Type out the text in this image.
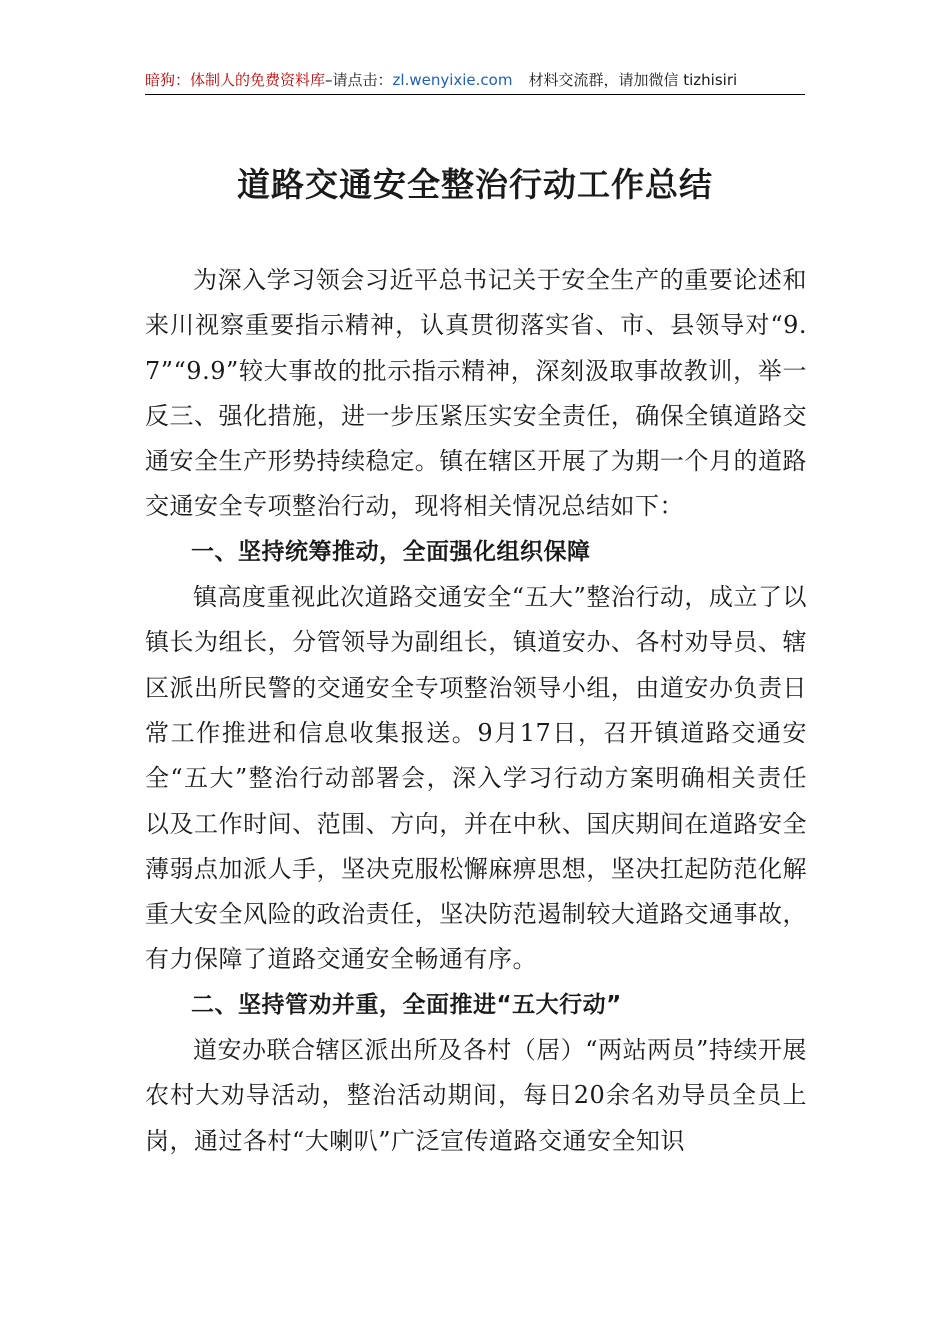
暗狗：体制人的免费资料库–请点击：zl.wenyixie.com 材料交流群，请加微信 tizhisiri
道路交通安全整治行动工作总结

为深入学习领会习近平总书记关于安全生产的重要论述和来川视察重要指示精神，认真贯彻落实省、市、县领导对“9.7”“9.9”较大事故的批示指示精神，深刻汲取事故教训，举一反三、强化措施，进一步压紧压实安全责任，确保全镇道路交通安全生产形势持续稳定。镇在辖区开展了为期一个月的道路交通安全专项整治行动，现将相关情况总结如下：

一、坚持统筹推动，全面强化组织保障

镇高度重视此次道路交通安全“五大”整治行动，成立了以镇长为组长，分管领导为副组长，镇道安办、各村劝导员、辖区派出所民警的交通安全专项整治领导小组，由道安办负责日常工作推进和信息收集报送。9月17日，召开镇道路交通安全“五大”整治行动部署会，深入学习行动方案明确相关责任以及工作时间、范围、方向，并在中秋、国庆期间在道路安全薄弱点加派人手，坚决克服松懈麻痹思想，坚决扛起防范化解重大安全风险的政治责任，坚决防范遏制较大道路交通事故，有力保障了道路交通安全畅通有序。

二、坚持管劝并重，全面推进“五大行动”

道安办联合辖区派出所及各村（居）“两站两员”持续开展农村大劝导活动，整治活动期间，每日20余名劝导员全员上岗，通过各村“大喇叭”广泛宣传道路交通安全知识
